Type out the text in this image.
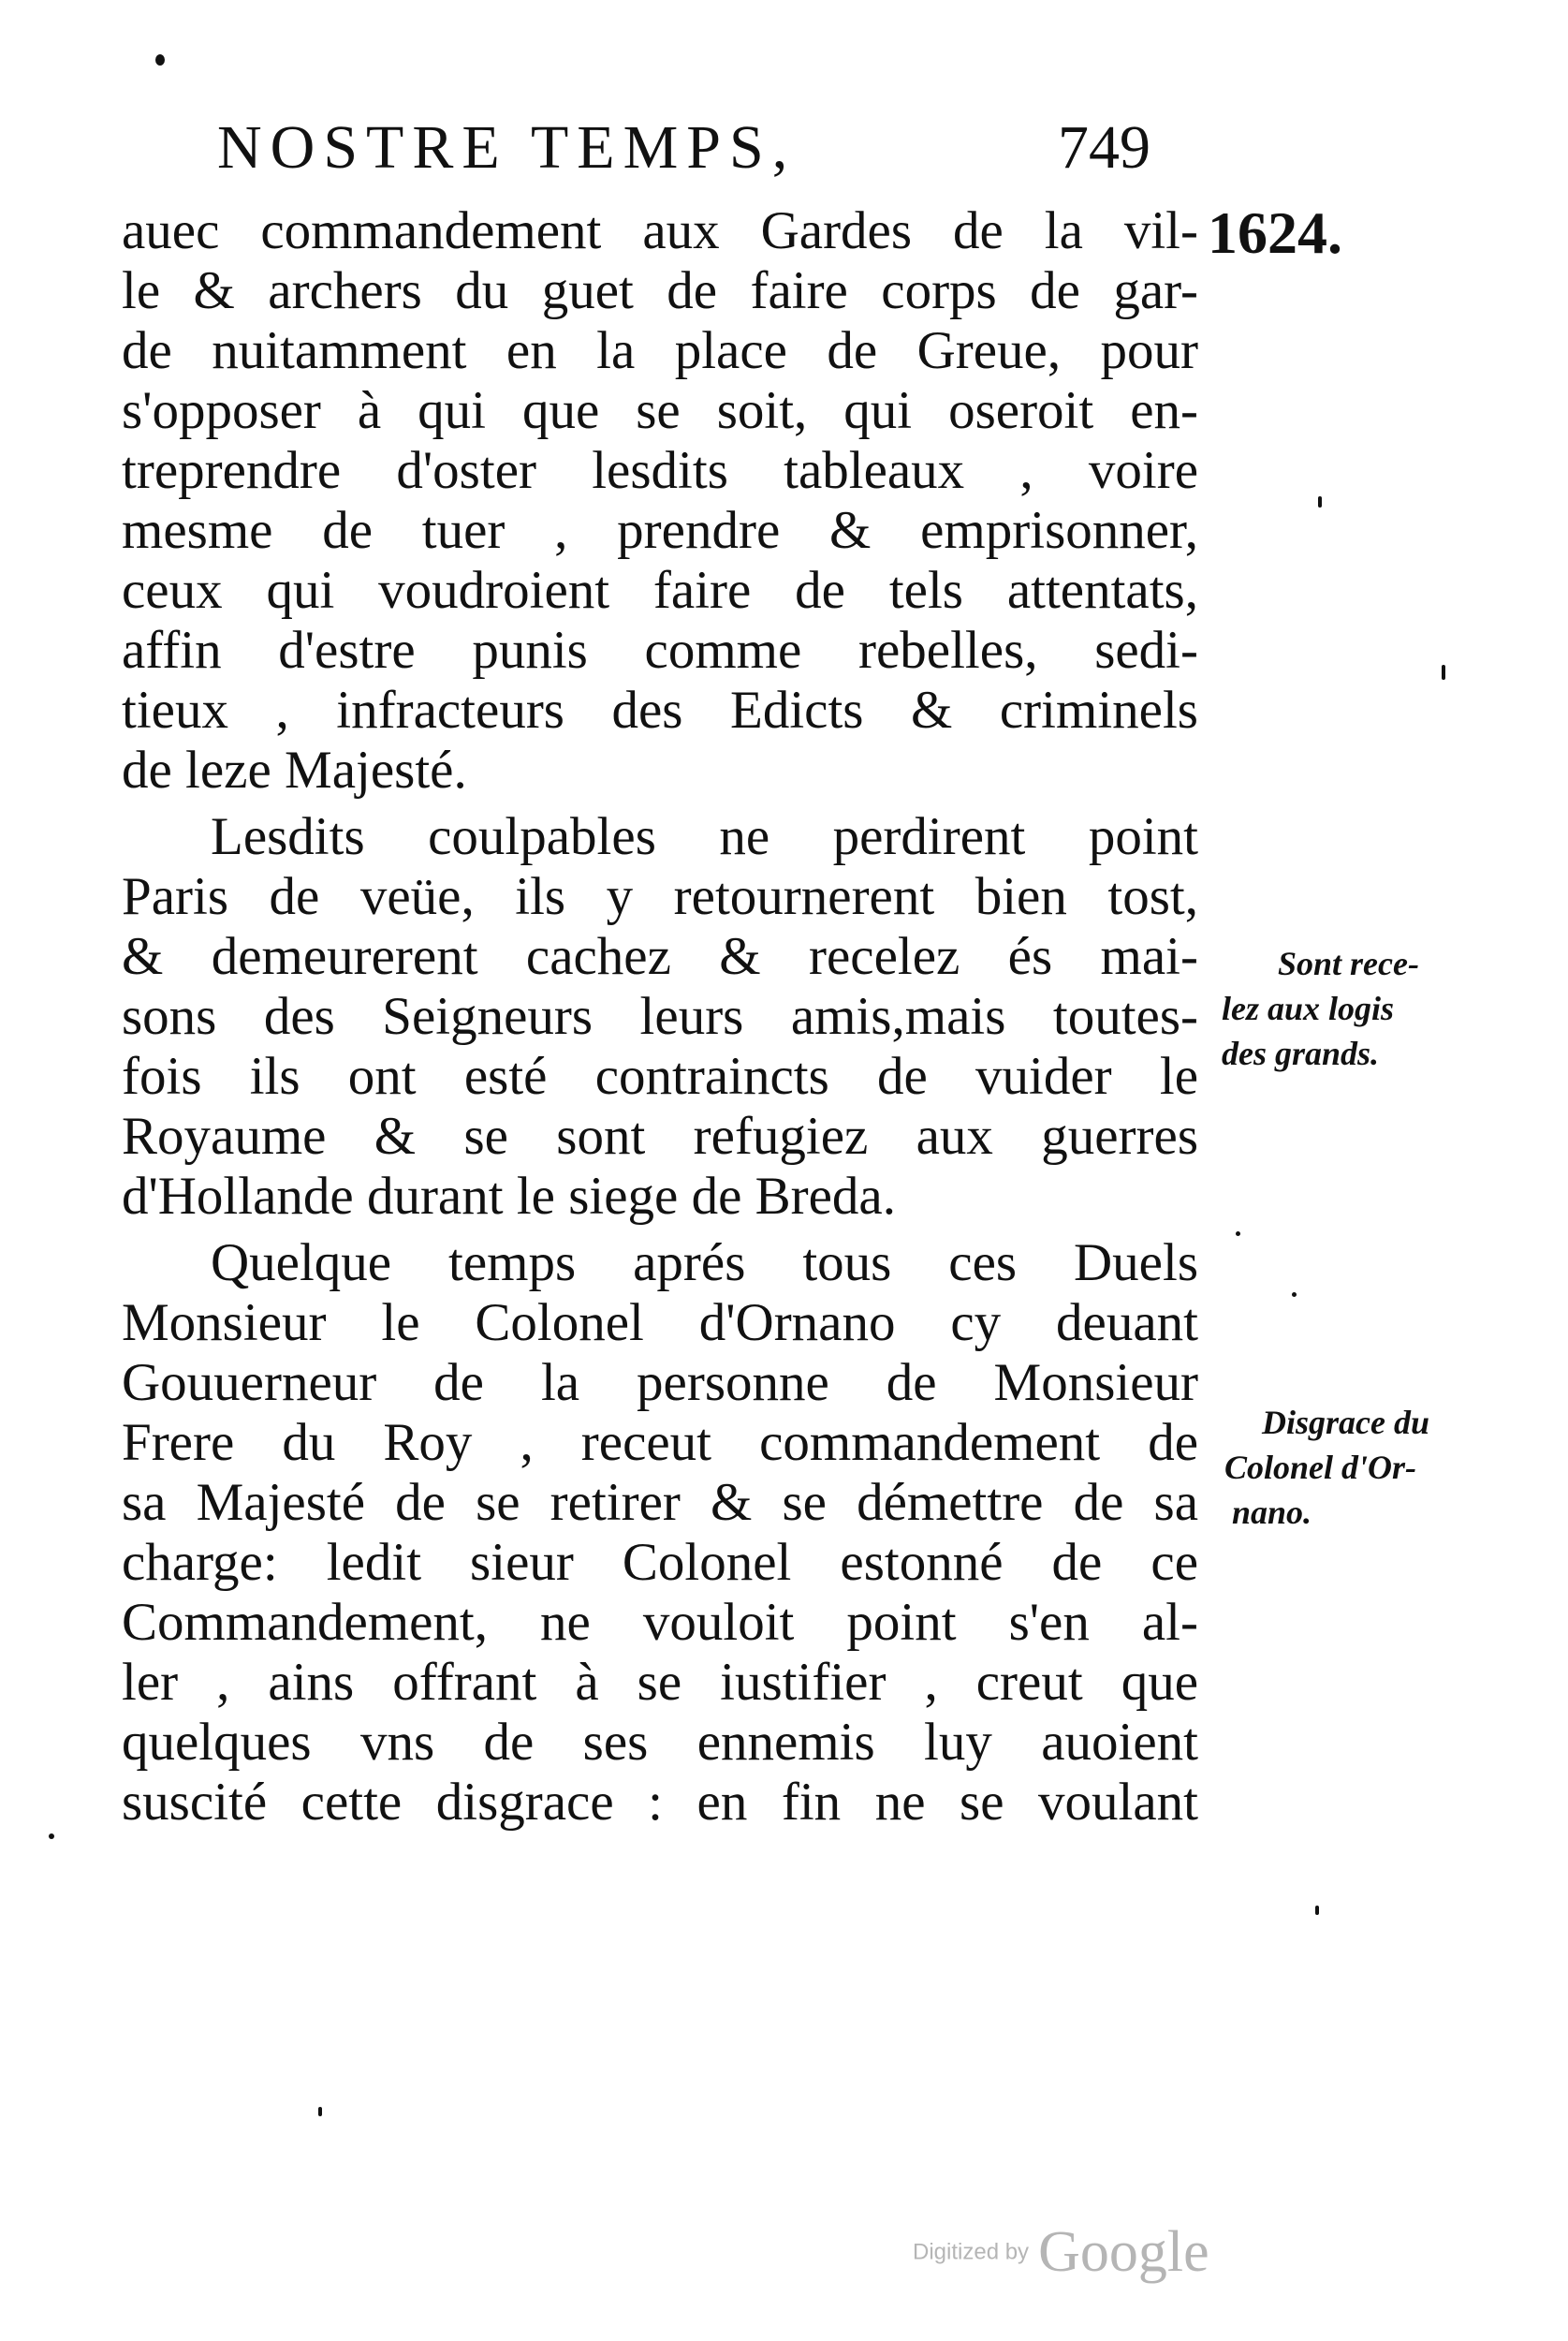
NOSTRE TEMPS,	749
1624.
auec commandement aux Gardes de la vil-
le & archers du guet de faire corps de gar-
de nuitamment en la place de Greue, pour
s'opposer à qui que se soit, qui oseroit en-
treprendre d'oster lesdits tableaux , voire
mesme de tuer , prendre & emprisonner,
ceux qui voudroient faire de tels attentats,
affin d'estre punis comme rebelles, sedi-
tieux , infracteurs des Edicts & criminels
de leze Majesté.
Lesdits coulpables ne perdirent point
Paris de veüe, ils y retournerent bien tost,
& demeurerent cachez & recelez és mai-
sons des Seigneurs leurs amis,mais toutes-
fois ils ont esté contraincts de vuider le
Royaume & se sont refugiez aux guerres
d'Hollande durant le siege de Breda.
Quelque temps aprés tous ces Duels
Monsieur le Colonel d'Ornano cy deuant
Gouuerneur de la personne de Monsieur
Frere du Roy , receut commandement de
sa Majesté de se retirer & se démettre de sa
charge: ledit sieur Colonel estonné de ce
Commandement, ne vouloit point s'en al-
ler , ains offrant à se iustifier , creut que
quelques vns de ses ennemis luy auoient
suscité cette disgrace : en fin ne se voulant
Sont rece-
lez aux logis
des grands.
Disgrace du
Colonel d'Or-
nano.
Digitized by Google
